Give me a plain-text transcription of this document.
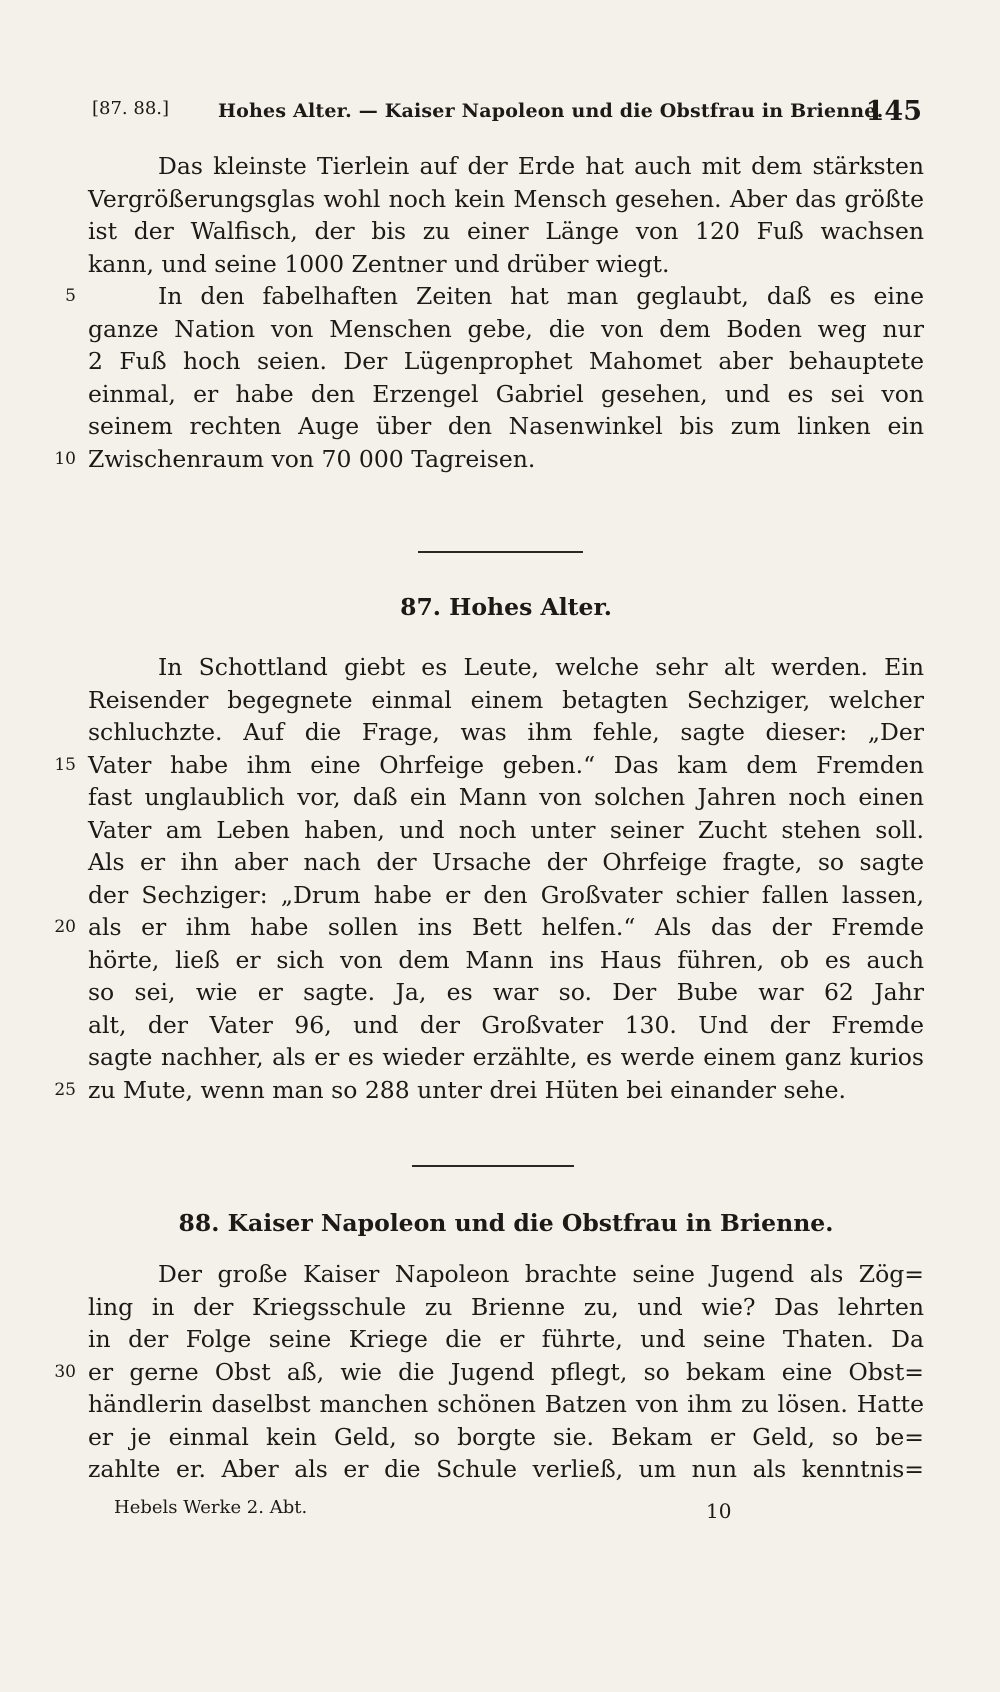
[87. 88.]	Hohes Alter. — Kaiser Napoleon und die Obstfrau in Brienne.
145
Das kleinste Tierlein auf der Erde hat auch mit dem stärksten
Vergrößerungsglas wohl noch kein Mensch gesehen. Aber das größte
ist der Walfisch, der bis zu einer Länge von 120 Fuß wachsen
kann, und seine 1000 Zentner und drüber wiegt.
5	In den fabelhaften Zeiten hat man geglaubt, daß es eine
ganze Nation von Menschen gebe, die von dem Boden weg nur
2 Fuß hoch seien. Der Lügenprophet Mahomet aber behauptete
einmal, er habe den Erzengel Gabriel gesehen, und es sei von
seinem rechten Auge über den Nasenwinkel bis zum linken ein
10 Zwischenraum von 70 000 Tagreisen.
87. Hohes Alter.
In Schottland giebt es Leute, welche sehr alt werden. Ein
Reisender begegnete einmal einem betagten Sechziger, welcher
schluchzte. Auf die Frage, was ihm fehle, sagte dieser: „Der
15 Vater habe ihm eine Ohrfeige geben.“ Das kam dem Fremden
fast unglaublich vor, daß ein Mann von solchen Jahren noch einen
Vater am Leben haben, und noch unter seiner Zucht stehen soll.
Als er ihn aber nach der Ursache der Ohrfeige fragte, so sagte
der Sechziger: „Drum habe er den Großvater schier fallen lassen,
20 als er ihm habe sollen ins Bett helfen.“ Als das der Fremde
hörte, ließ er sich von dem Mann ins Haus führen, ob es auch
so sei, wie er sagte. Ja, es war so. Der Bube war 62 Jahr
alt, der Vater 96, und der Großvater 130. Und der Fremde
sagte nachher, als er es wieder erzählte, es werde einem ganz kurios
25 zu Mute, wenn man so 288 unter drei Hüten bei einander sehe.
88. Kaiser Napoleon und die Obstfrau in Brienne.
Der große Kaiser Napoleon brachte seine Jugend als Zög=
ling in der Kriegsschule zu Brienne zu, und wie? Das lehrten
in der Folge seine Kriege die er führte, und seine Thaten. Da
30 er gerne Obst aß, wie die Jugend pflegt, so bekam eine Obst=
händlerin daselbst manchen schönen Batzen von ihm zu lösen. Hatte
er je einmal kein Geld, so borgte sie. Bekam er Geld, so be=
zahlte er. Aber als er die Schule verließ, um nun als kenntnis=
Hebels Werke 2. Abt.	10
